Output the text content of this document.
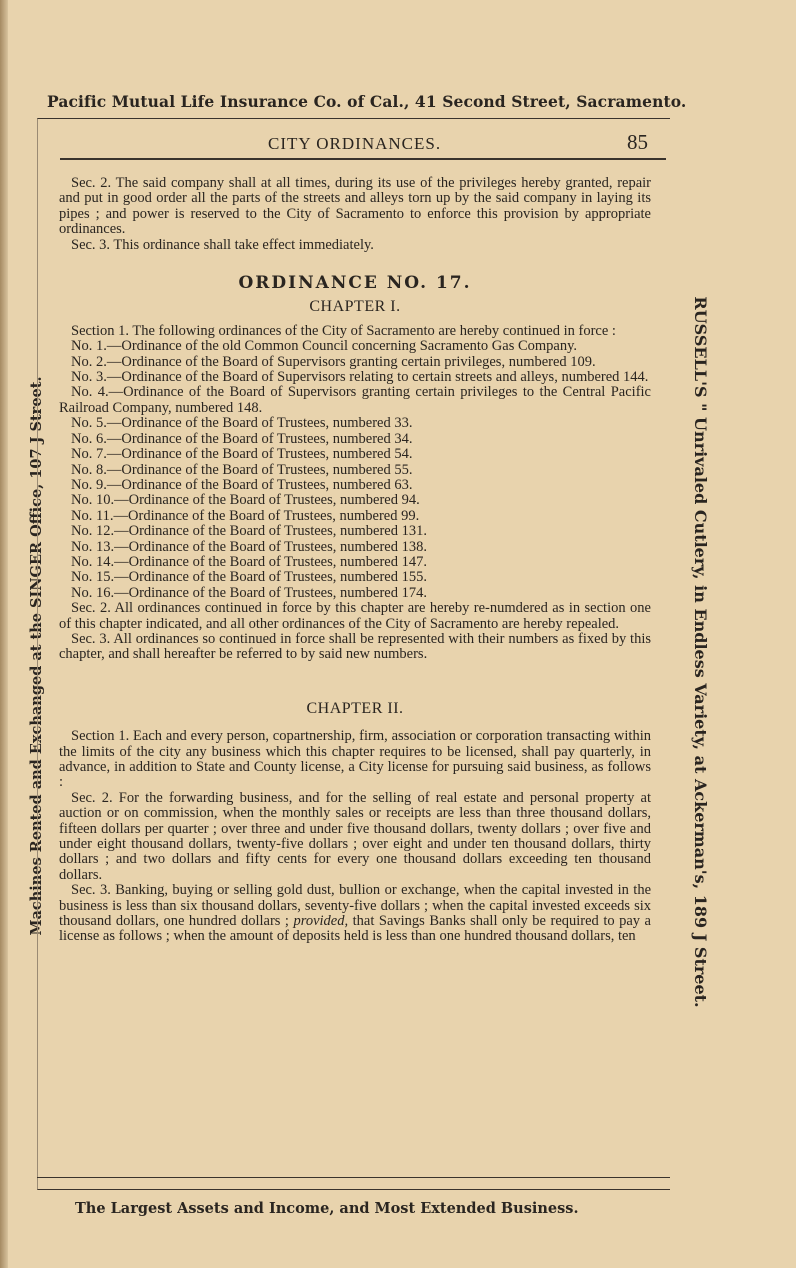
Pacific Mutual Life Insurance Co. of Cal., 41 Second Street, Sacramento.
Machines Rented and Exchanged at the SINGER Office, 107 J Street.	RUSSELL'S " Unrivaled Cutlery, in Endless Variety, at Ackerman's, 189 J Street.
CITY ORDINANCES.	85

Sec. 2. The said company shall at all times, during its use of the privileges hereby granted, repair and put in good order all the parts of the streets and alleys torn up by the said company in laying its pipes ; and power is reserved to the City of Sacramento to enforce this provision by appropriate ordinances.

Sec. 3. This ordinance shall take effect immediately.

ORDINANCE NO. 17.
CHAPTER I.

Section 1. The following ordinances of the City of Sacramento are hereby continued in force :

No. 1.—Ordinance of the old Common Council concerning Sacramento Gas Company.

No. 2.—Ordinance of the Board of Supervisors granting certain privileges, numbered 109.

No. 3.—Ordinance of the Board of Supervisors relating to certain streets and alleys, numbered 144.

No. 4.—Ordinance of the Board of Supervisors granting certain privileges to the Central Pacific Railroad Company, numbered 148.

No. 5.—Ordinance of the Board of Trustees, numbered 33.
No. 6.—Ordinance of the Board of Trustees, numbered 34.
No. 7.—Ordinance of the Board of Trustees, numbered 54.
No. 8.—Ordinance of the Board of Trustees, numbered 55.
No. 9.—Ordinance of the Board of Trustees, numbered 63.
No. 10.—Ordinance of the Board of Trustees, numbered 94.
No. 11.—Ordinance of the Board of Trustees, numbered 99.
No. 12.—Ordinance of the Board of Trustees, numbered 131.
No. 13.—Ordinance of the Board of Trustees, numbered 138.
No. 14.—Ordinance of the Board of Trustees, numbered 147.
No. 15.—Ordinance of the Board of Trustees, numbered 155.
No. 16.—Ordinance of the Board of Trustees, numbered 174.

Sec. 2. All ordinances continued in force by this chapter are hereby re-numdered as in section one of this chapter indicated, and all other ordinances of the City of Sacramento are hereby repealed.

Sec. 3. All ordinances so continued in force shall be represented with their numbers as fixed by this chapter, and shall hereafter be referred to by said new numbers.

CHAPTER II.

Section 1. Each and every person, copartnership, firm, association or corporation transacting within the limits of the city any business which this chapter requires to be licensed, shall pay quarterly, in advance, in addition to State and County license, a City license for pursuing said business, as follows :

Sec. 2. For the forwarding business, and for the selling of real estate and personal property at auction or on commission, when the monthly sales or receipts are less than three thousand dollars, fifteen dollars per quarter ; over three and under five thousand dollars, twenty dollars ; over five and under eight thousand dollars, twenty-five dollars ; over eight and under ten thousand dollars, thirty dollars ; and two dollars and fifty cents for every one thousand dollars exceeding ten thousand dollars.

Sec. 3. Banking, buying or selling gold dust, bullion or exchange, when the capital invested in the business is less than six thousand dollars, seventy-five dollars ; when the capital invested exceeds six thousand dollars, one hundred dollars ; provided, that Savings Banks shall only be required to pay a license as follows ; when the amount of deposits held is less than one hundred thousand dollars, ten

The Largest Assets and Income, and Most Extended Business.
